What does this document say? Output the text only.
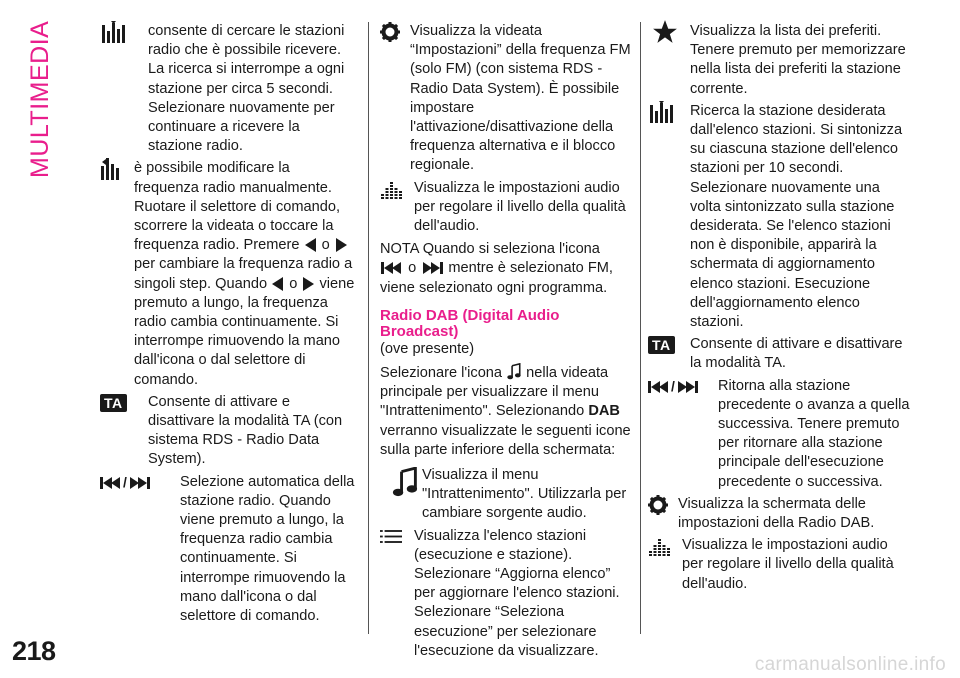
MULTIMEDIA	consente di cercare le stazioni radio che è possibile ricevere. La ricerca si interrompe a ogni stazione per circa 5 secondi. Selezionare nuovamente per continuare a ricevere la stazione radio.
è possibile modificare la frequenza radio manualmente. Ruotare il selettore di comando, scorrere la videata o toccare la frequenza radio. Premere o  per cambiare la frequenza radio a singoli step. Quando o viene premuto a lungo, la frequenza radio cambia continuamente. Si interrompe rimuovendo la mano dall'icona o dal selettore di comando.
TA Consente di attivare e disattivare la modalità TA (con sistema RDS - Radio Data System).
/	Selezione automatica della stazione radio. Quando viene premuto a lungo, la frequenza radio cambia continuamente. Si interrompe rimuovendo la mano dall'icona o dal selettore di comando.
Visualizza la videata “Impostazioni” della frequenza FM (solo FM) (con sistema RDS - Radio Data System). È possibile impostare l'attivazione/disattivazione della frequenza alternativa e il blocco regionale.
Visualizza le impostazioni audio per regolare il livello della qualità dell'audio.
NOTA Quando si seleziona l'icona
o mentre è selezionato FM, viene selezionato ogni programma.
Radio DAB (Digital Audio Broadcast)
(ove presente)
Selezionare l'icona nella videata principale per visualizzare il menu "Intrattenimento". Selezionando DAB verranno visualizzate le seguenti icone sulla parte inferiore della schermata:
Visualizza il menu "Intrattenimento". Utilizzarla per cambiare sorgente audio.
Visualizza l'elenco stazioni (esecuzione e stazione). Selezionare “Aggiorna elenco” per aggiornare l'elenco stazioni. Selezionare “Seleziona esecuzione” per selezionare l'esecuzione da visualizzare.
Visualizza la lista dei preferiti. Tenere premuto per memorizzare nella lista dei preferiti la stazione corrente.
Ricerca la stazione desiderata dall'elenco stazioni. Si sintonizza su ciascuna stazione dell'elenco stazioni per 10 secondi. Selezionare nuovamente una volta sintonizzato sulla stazione desiderata. Se l'elenco stazioni non è disponibile, apparirà la schermata di aggiornamento elenco stazioni. Esecuzione dell'aggiornamento elenco stazioni.
TA Consente di attivare e disattivare la modalità TA.
/	Ritorna alla stazione precedente o avanza a quella successiva. Tenere premuto per ritornare alla stazione principale dell'esecuzione precedente o successiva.
Visualizza la schermata delle impostazioni della Radio DAB.
Visualizza le impostazioni audio per regolare il livello della qualità dell'audio.
218	carmanualsonline.info
